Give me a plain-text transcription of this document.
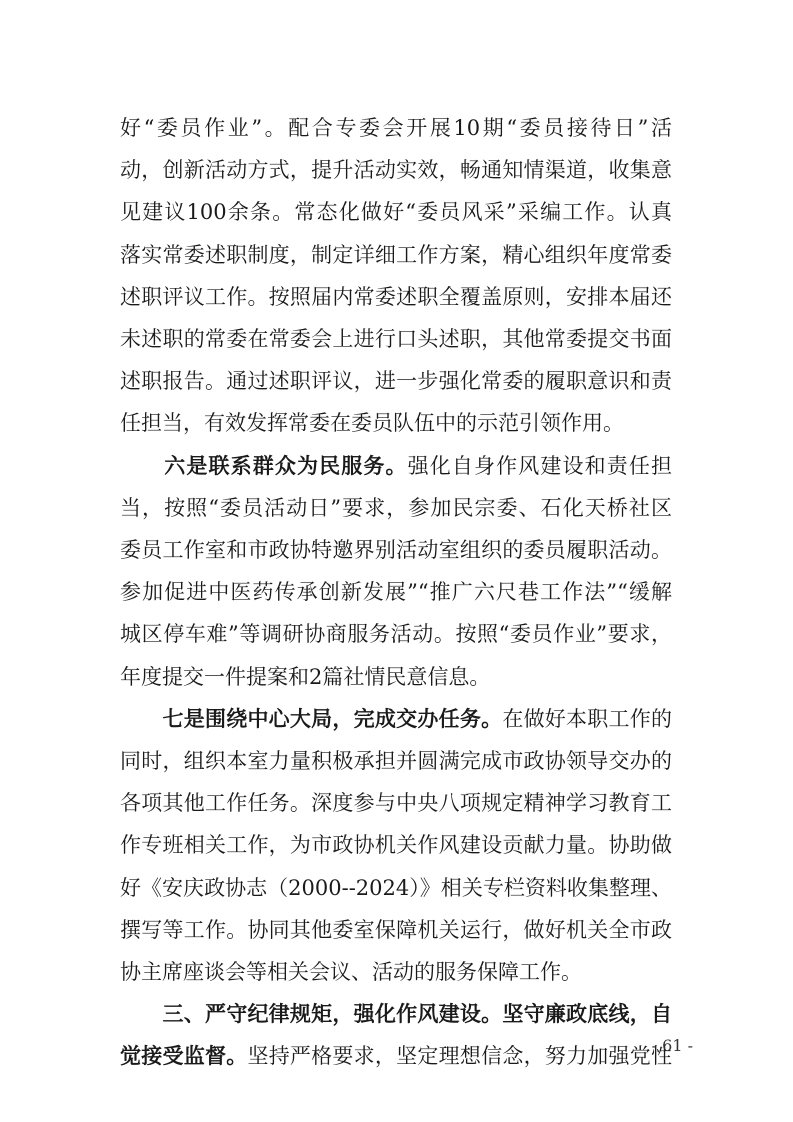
好“委员作业”。配合专委会开展10期“委员接待日”活
动，创新活动方式，提升活动实效，畅通知情渠道，收集意
见建议100余条。常态化做好“委员风采”采编工作。认真
落实常委述职制度，制定详细工作方案，精心组织年度常委
述职评议工作。按照届内常委述职全覆盖原则，安排本届还
未述职的常委在常委会上进行口头述职，其他常委提交书面
述职报告。通过述职评议，进一步强化常委的履职意识和责
任担当，有效发挥常委在委员队伍中的示范引领作用。
　　六是联系群众为民服务。强化自身作风建设和责任担
当，按照“委员活动日”要求，参加民宗委、石化天桥社区
委员工作室和市政协特邀界别活动室组织的委员履职活动。
参加促进中医药传承创新发展”“推广六尺巷工作法”“缓解
城区停车难”等调研协商服务活动。按照“委员作业”要求，
年度提交一件提案和2篇社情民意信息。
　　七是围绕中心大局，完成交办任务。在做好本职工作的
同时，组织本室力量积极承担并圆满完成市政协领导交办的
各项其他工作任务。深度参与中央八项规定精神学习教育工
作专班相关工作，为市政协机关作风建设贡献力量。协助做
好《安庆政协志（2000--2024）》相关专栏资料收集整理、
撰写等工作。协同其他委室保障机关运行，做好机关全市政
协主席座谈会等相关会议、活动的服务保障工作。
　　三、严守纪律规矩，强化作风建设。坚守廉政底线，自
觉接受监督。坚持严格要求，坚定理想信念，努力加强党性
- 61 -
